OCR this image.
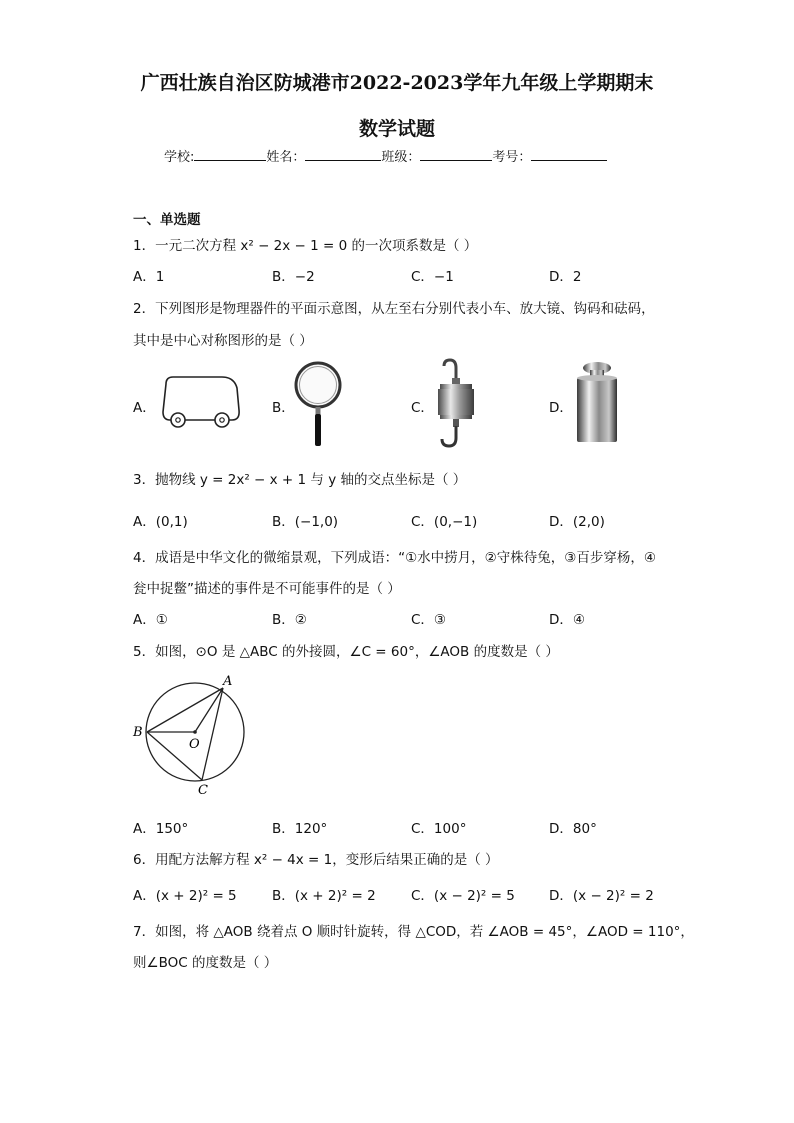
广西壮族自治区防城港市2022-2023学年九年级上学期期末
数学试题
学校:	姓名：	班级：	考号：
一、单选题
1．一元二次方程 x² − 2x − 1 = 0 的一次项系数是（ ）
A．1	B．−2	C．−1	D．2
2．下列图形是物理器件的平面示意图，从左至右分别代表小车、放大镜、钩码和砝码，
其中是中心对称图形的是（ ）
A．	B．	C．	D．
3．抛物线 y = 2x² − x + 1 与 y 轴的交点坐标是（ ）
A．(0,1)	B．(−1,0)	C．(0,−1)	D．(2,0)
4．成语是中华文化的微缩景观，下列成语：“①水中捞月，②守株待兔，③百步穿杨，④
瓮中捉鳖”描述的事件是不可能事件的是（ ）
A．①	B．②	C．③	D．④
5．如图，⊙O 是 △ABC 的外接圆，∠C = 60°，∠AOB 的度数是（ ）
A
B
C
O
A．150°	B．120°	C．100°	D．80°
6．用配方法解方程 x² − 4x = 1，变形后结果正确的是（ ）
A．(x + 2)² = 5	B．(x + 2)² = 2	C．(x − 2)² = 5	D．(x − 2)² = 2
7．如图，将 △AOB 绕着点 O 顺时针旋转，得 △COD，若 ∠AOB = 45°，∠AOD = 110°，
则∠BOC 的度数是（ ）
